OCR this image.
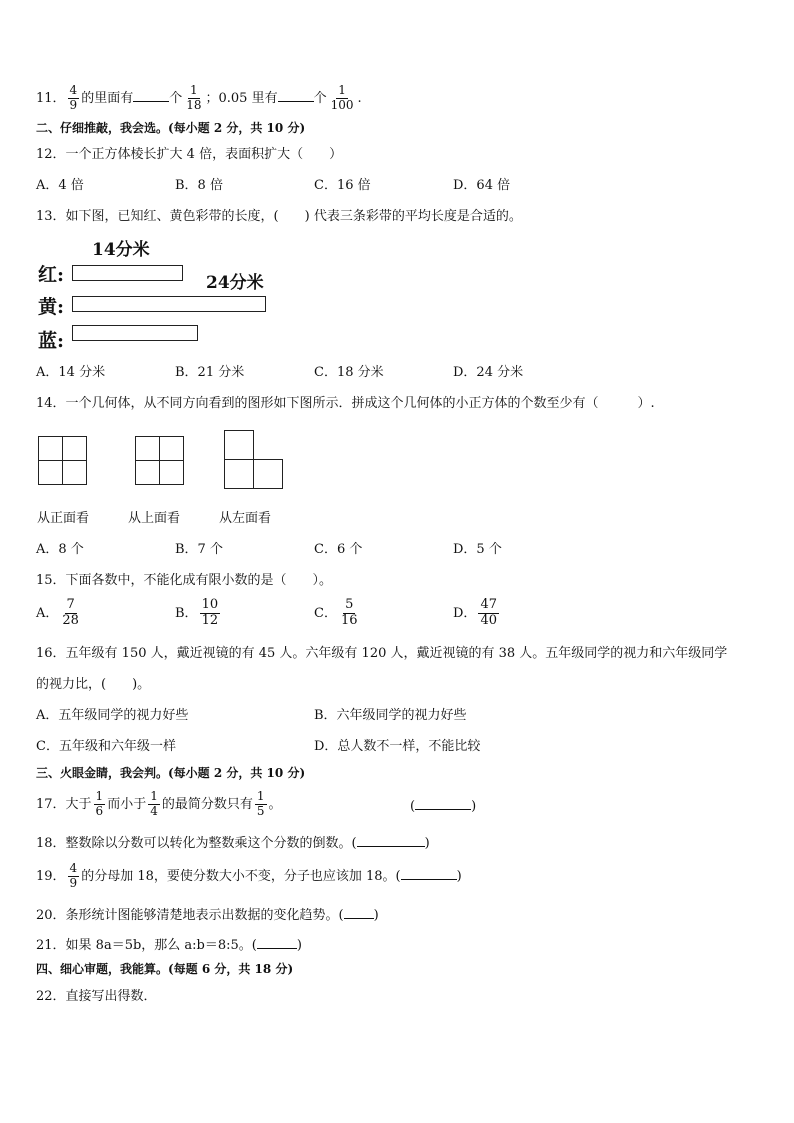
11． $\frac{4}{9}$ 的里面有	个 $\frac{1}{18}$ ；0.05 里有	个 $\frac{1}{100}$ .
二、仔细推敲，我会选。(每小题 2 分，共 10 分)
12．一个正方体棱长扩大 4 倍，表面积扩大（　　）
A．4 倍	B．8 倍	C．16 倍	D．64 倍
13．如下图，已知红、黄色彩带的长度，(　　) 代表三条彩带的平均长度是合适的。
14分米
红:	24分米
黄:
蓝:
A．14 分米	B．21 分米	C．18 分米	D．24 分米
14．一个几何体，从不同方向看到的图形如下图所示．拼成这个几何体的小正方体的个数至少有（　　　）.
从正面看	从上面看	从左面看
A．8 个	B．7 个	C．6 个	D．5 个
15．下面各数中，不能化成有限小数的是（　　）。
A． $\frac{7}{28}$	B． $\frac{10}{12}$	C． $\frac{5}{16}$	D． $\frac{47}{40}$
16．五年级有 150 人，戴近视镜的有 45 人。六年级有 120 人，戴近视镜的有 38 人。五年级同学的视力和六年级同学
的视力比，(　　)。
A．五年级同学的视力好些	B．六年级同学的视力好些
C．五年级和六年级一样	D．总人数不一样，不能比较
三、火眼金睛，我会判。(每小题 2 分，共 10 分)
17．大于 $\frac{1}{6}$ 而小于 $\frac{1}{4}$ 的最简分数只有 $\frac{1}{5}$ 。	(	)
18．整数除以分数可以转化为整数乘这个分数的倒数。(	)
19． $\frac{4}{9}$ 的分母加 18，要使分数大小不变，分子也应该加 18。(	)
20．条形统计图能够清楚地表示出数据的变化趋势。( )
21．如果 8a＝5b，那么 a:b＝8:5。(	)
四、细心审题，我能算。(每题 6 分，共 18 分)
22．直接写出得数．
